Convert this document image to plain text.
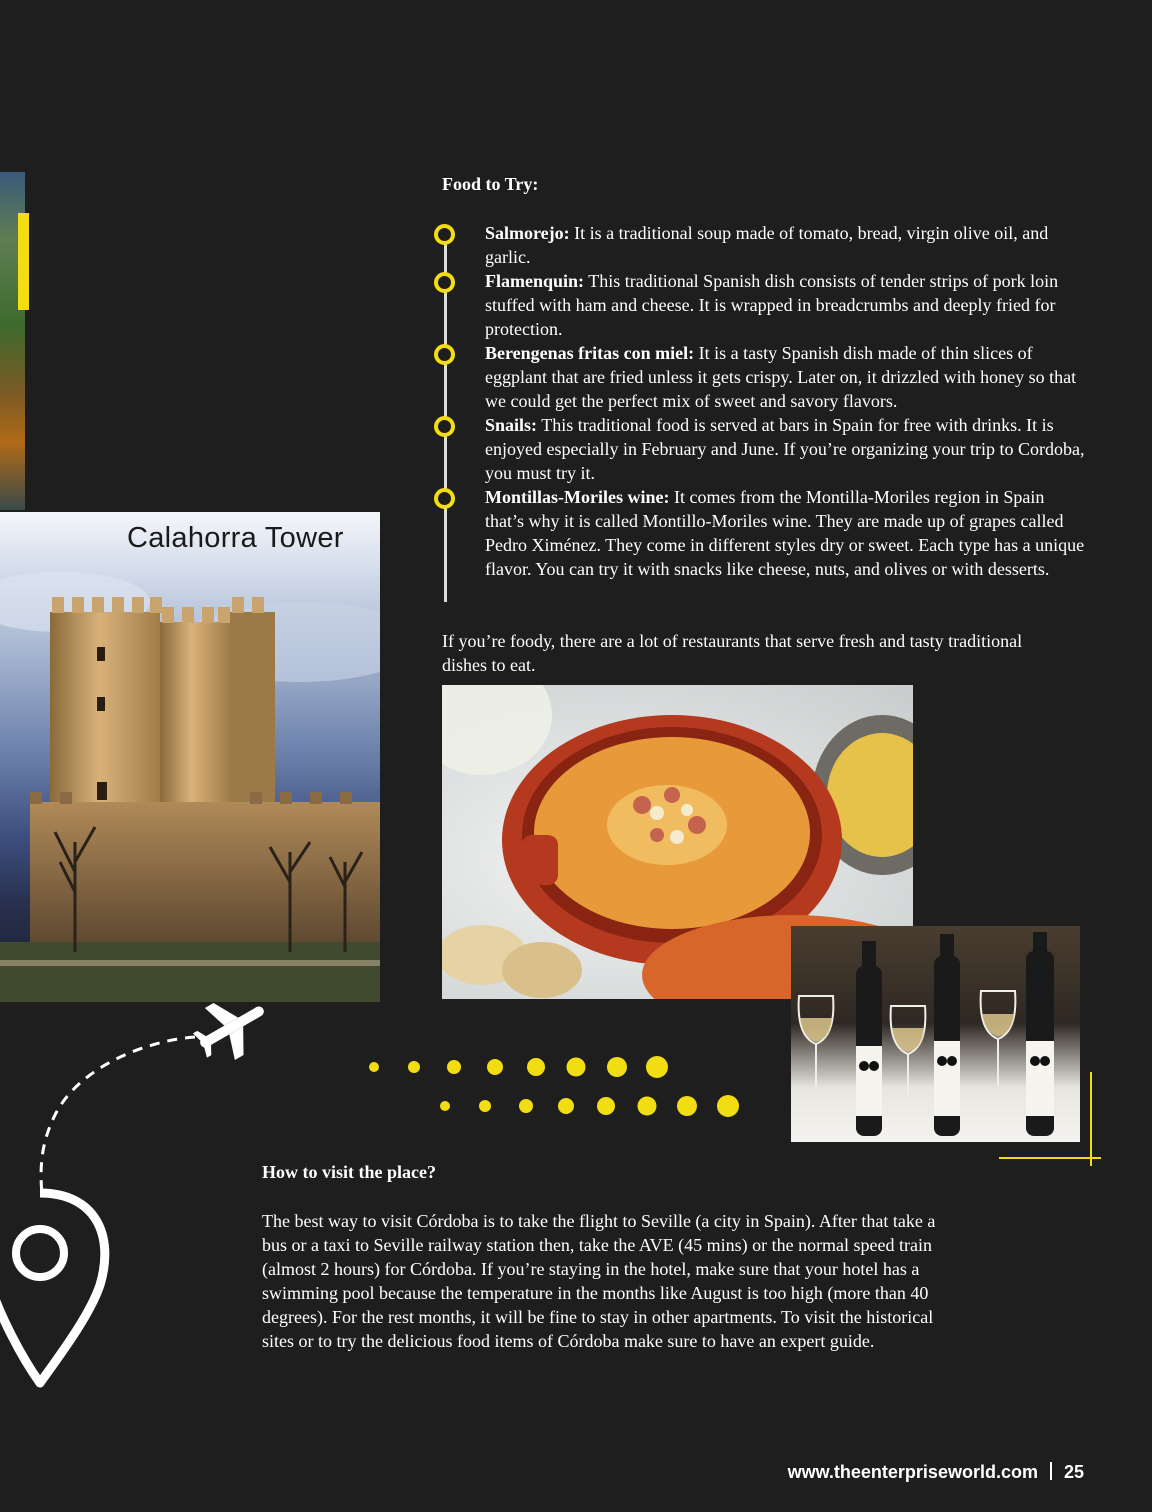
Calahorra Tower
Food to Try:
Salmorejo: It is a traditional soup made of tomato, bread, virgin olive oil, and garlic.
Flamenquin: This traditional Spanish dish consists of tender strips of pork loin stuffed with ham and cheese. It is wrapped in breadcrumbs and deeply fried for protection.
Berengenas fritas con miel: It is a tasty Spanish dish made of thin slices of eggplant that are fried unless it gets crispy. Later on, it drizzled with honey so that we could get the perfect mix of sweet and savory flavors.
Snails: This traditional food is served at bars in Spain for free with drinks. It is enjoyed especially in February and June. If you’re organizing your trip to Cordoba, you must try it.
Montillas-Moriles wine: It comes from the Montilla-Moriles region in Spain that’s why it is called Montillo-Moriles wine. They are made up of grapes called Pedro Ximénez. They come in different styles dry or sweet. Each type has a unique flavor. You can try it with snacks like cheese, nuts, and olives or with desserts.
If you’re foody, there are a lot of restaurants that serve fresh and tasty traditional dishes to eat.
How to visit the place?
The best way to visit Córdoba is to take the flight to Seville (a city in Spain). After that take a bus or a taxi to Seville railway station then, take the AVE (45 mins) or the normal speed train (almost 2 hours) for Córdoba. If you’re staying in the hotel, make sure that your hotel has a swimming pool because the temperature in the months like August is too high (more than 40 degrees). For the rest months, it will be fine to stay in other apartments. To visit the historical sites or to try the delicious food items of Córdoba make sure to have an expert guide.
www.theenterpriseworld.com 25
